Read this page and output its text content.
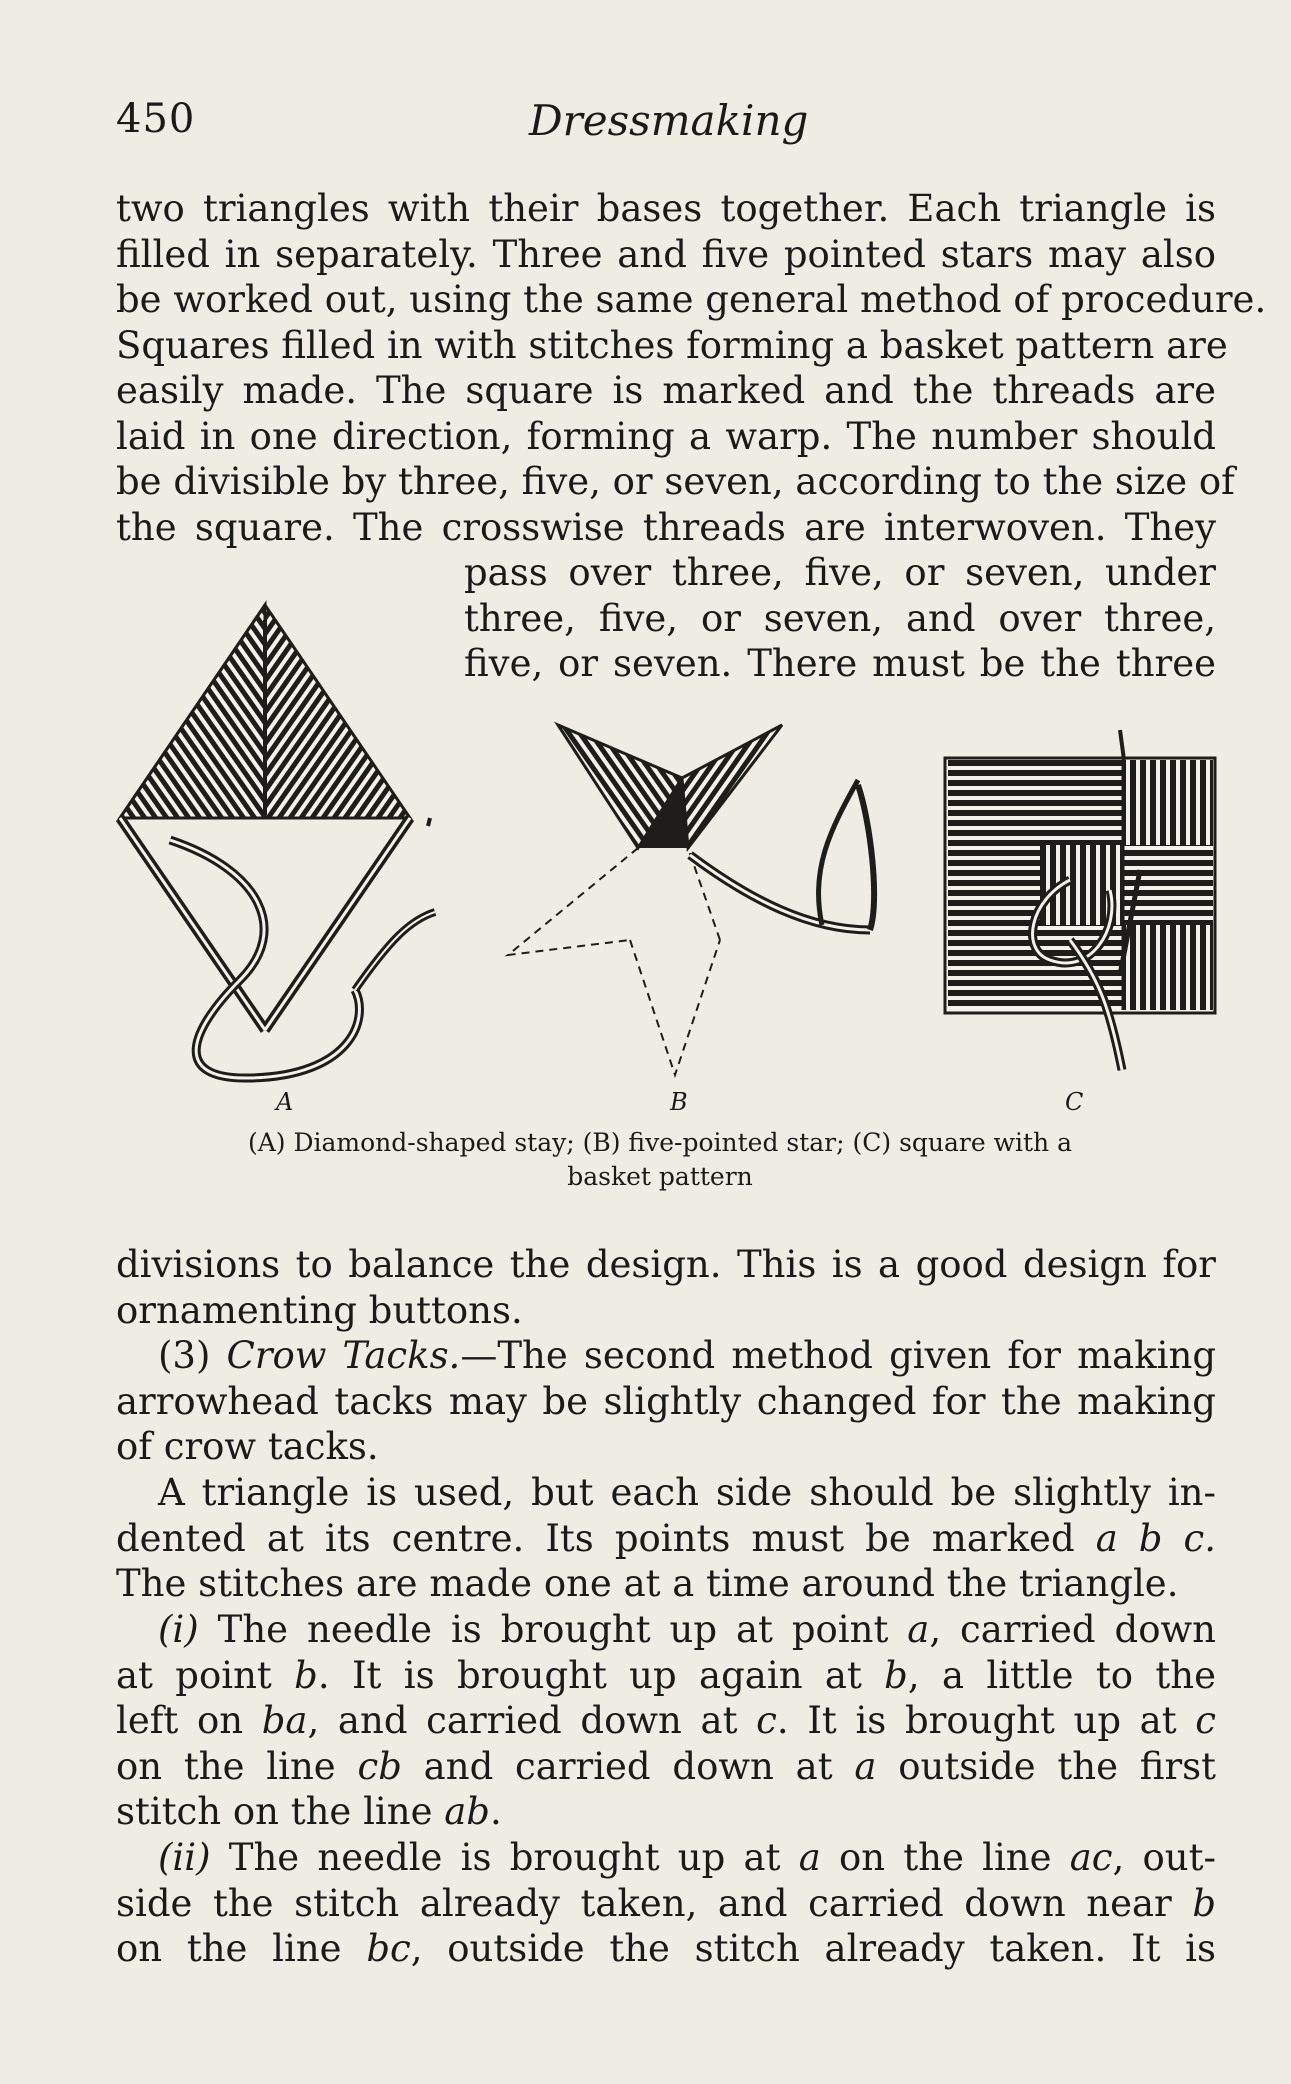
450	Dressmaking
two triangles with their bases together. Each triangle is
filled in separately. Three and five pointed stars may also
be worked out, using the same general method of procedure.
Squares filled in with stitches forming a basket pattern are
easily made. The square is marked and the threads are
laid in one direction, forming a warp. The number should
be divisible by three, five, or seven, according to the size of
the square. The crosswise threads are interwoven. They
pass over three, five, or seven, under
three, five, or seven, and over three,
five, or seven. There must be the three
A	B	C
(A) Diamond-shaped stay; (B) five-pointed star; (C) square with a
basket pattern
divisions to balance the design. This is a good design for
ornamenting buttons.
(3) Crow Tacks.—The second method given for making
arrowhead tacks may be slightly changed for the making
of crow tacks.
A triangle is used, but each side should be slightly in-
dented at its centre. Its points must be marked a b c.
The stitches are made one at a time around the triangle.
(i) The needle is brought up at point a, carried down
at point b. It is brought up again at b, a little to the
left on ba, and carried down at c. It is brought up at c
on the line cb and carried down at a outside the first
stitch on the line ab.
(ii) The needle is brought up at a on the line ac, out-
side the stitch already taken, and carried down near b
on the line bc, outside the stitch already taken. It is
